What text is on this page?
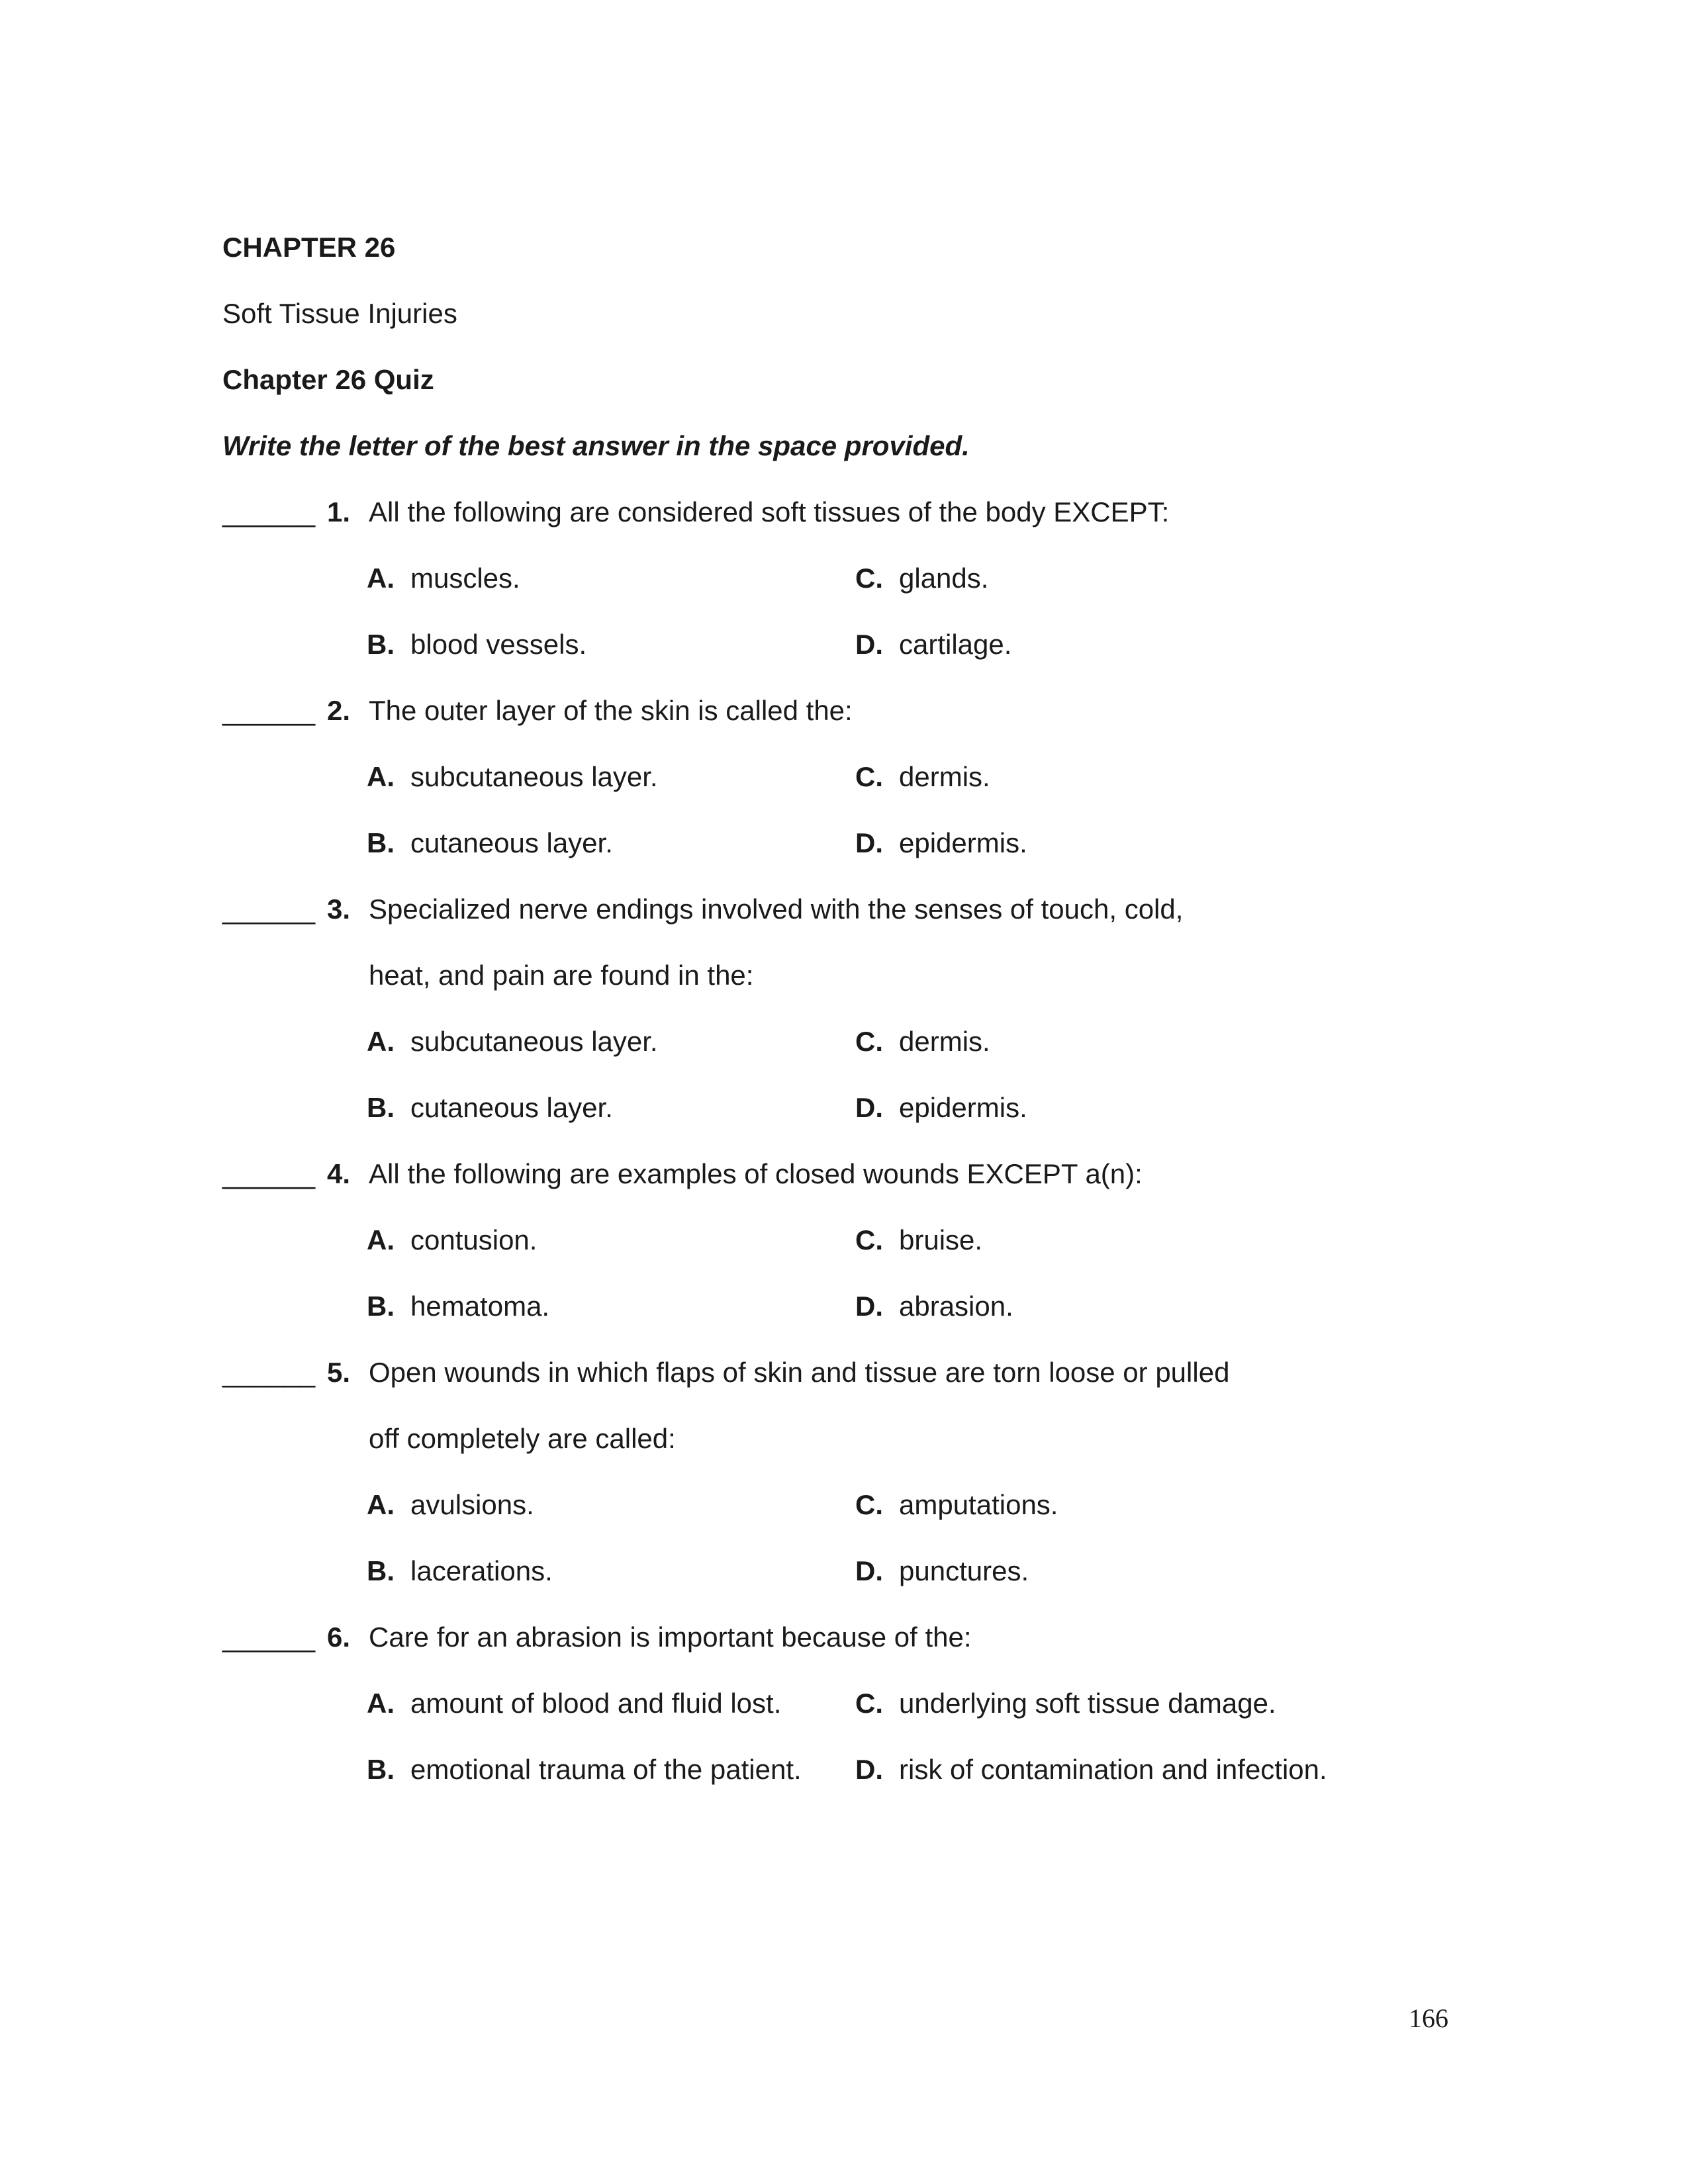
CHAPTER 26
Soft Tissue Injuries
Chapter 26 Quiz
Write the letter of the best answer in the space provided.
______ 1. All the following are considered soft tissues of the body EXCEPT:
A. muscles.	C. glands.
B. blood vessels.	D. cartilage.
______ 2. The outer layer of the skin is called the:
A. subcutaneous layer.	C. dermis.
B. cutaneous layer.	D. epidermis.
______ 3. Specialized nerve endings involved with the senses of touch, cold,
heat, and pain are found in the:
A. subcutaneous layer.	C. dermis.
B. cutaneous layer.	D. epidermis.
______ 4. All the following are examples of closed wounds EXCEPT a(n):
A. contusion.	C. bruise.
B. hematoma.	D. abrasion.
______ 5. Open wounds in which flaps of skin and tissue are torn loose or pulled
off completely are called:
A. avulsions.	C. amputations.
B. lacerations.	D. punctures.
______ 6. Care for an abrasion is important because of the:
A. amount of blood and fluid lost.	C. underlying soft tissue damage.
B. emotional trauma of the patient. D. risk of contamination and infection.
166
